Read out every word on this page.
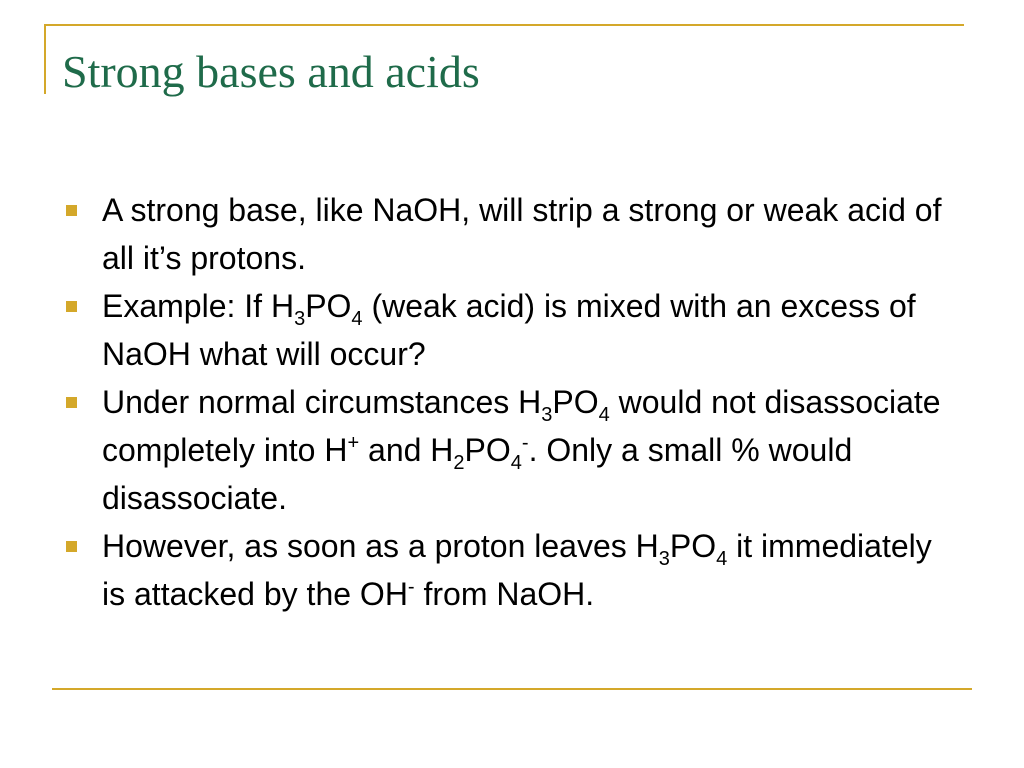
Strong bases and acids
A strong base, like NaOH, will strip a strong or weak acid of all it’s protons.
Example: If $H_3PO_4$ (weak acid) is mixed with an excess of NaOH what will occur?
Under normal circumstances $H_3PO_4$ would not disassociate completely into H+ and $H_2PO_4^-$. Only a small % would disassociate.
However, as soon as a proton leaves $H_3PO_4$ it immediately is attacked by the OH- from NaOH.
